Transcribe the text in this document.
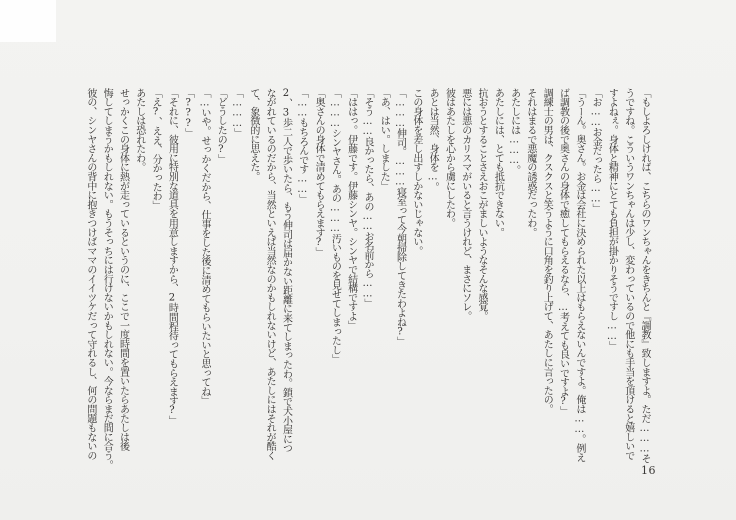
「もしよろしければ、こちらのワンちゃんをきちんと『調教』致しますよ。ただ………そ
うですね。こういうワンちゃんは少し、変わっているので他にも手当を頂けると嬉しいで
すよねぇ。身体と精神にとても負担が掛かりそうですし……」
「お……お金だったら……」
「うーん。奥さん。お金は会社に決められた以上はもらえないんですよ。俺は……。例え
ば調教の後で奥さんの身体で癒してもらえるなら、…考えても良いですよ?」
調練士の男は、クスクスと笑うように口角を釣り上げて、あたしに言ったの。
それはまるで悪魔の誘惑だったわ。
あたしには………。
あたしには、とても抵抗できない。
抗おうとすることさえおこがましいようなそんな感覚。
悪には悪のカリスマがいると言うけれど、まさにソレ。
彼はあたしを心から虜にしたわ。
あとは当然、身体を…。
この身体を差し出すしかないじゃない。
「………伸司。………寝室って今朝掃除してきたわよね?」
「あ、はい。しました」
「そう……良かったら、あの……お名前から……」
「ははっ。伊藤です。伊藤シンヤ。シンヤで結構ですよ」
「………シンヤさん。あの………汚いものを見せてしまったし」
「奥さんの身体で清めてもらえます?」
「……もちろんです……」
2、3歩二人で歩いたら、もう伸司は届かない距離に来てしまったわ。鎖で犬小屋につ
ながれているのだから、当然といえば当然なのかもしれないけど、あたしにはそれが酷く
て、象徴的に思えた。
「………」
「どうしたの?」
「…いや。せっかくだから、仕事をした後に清めてもらいたいと思ってね」
「???」
「それに、彼用に特別な道具を用意しますから、2時間程待ってもらえます?」
「え?、ええ、分かったわ」
あたしは恐れたわ。
せっかくこの身体に熱が走っているというのに、ここで一度時間を置いたらあたしは後
悔してしまうかもしれない。もうそっちには行けないかもしれない。今ならまだ間に合う。
彼の、シンヤさんの背中に抱きつけばママのイイツケだって守れるし、何の問題もないの
16
